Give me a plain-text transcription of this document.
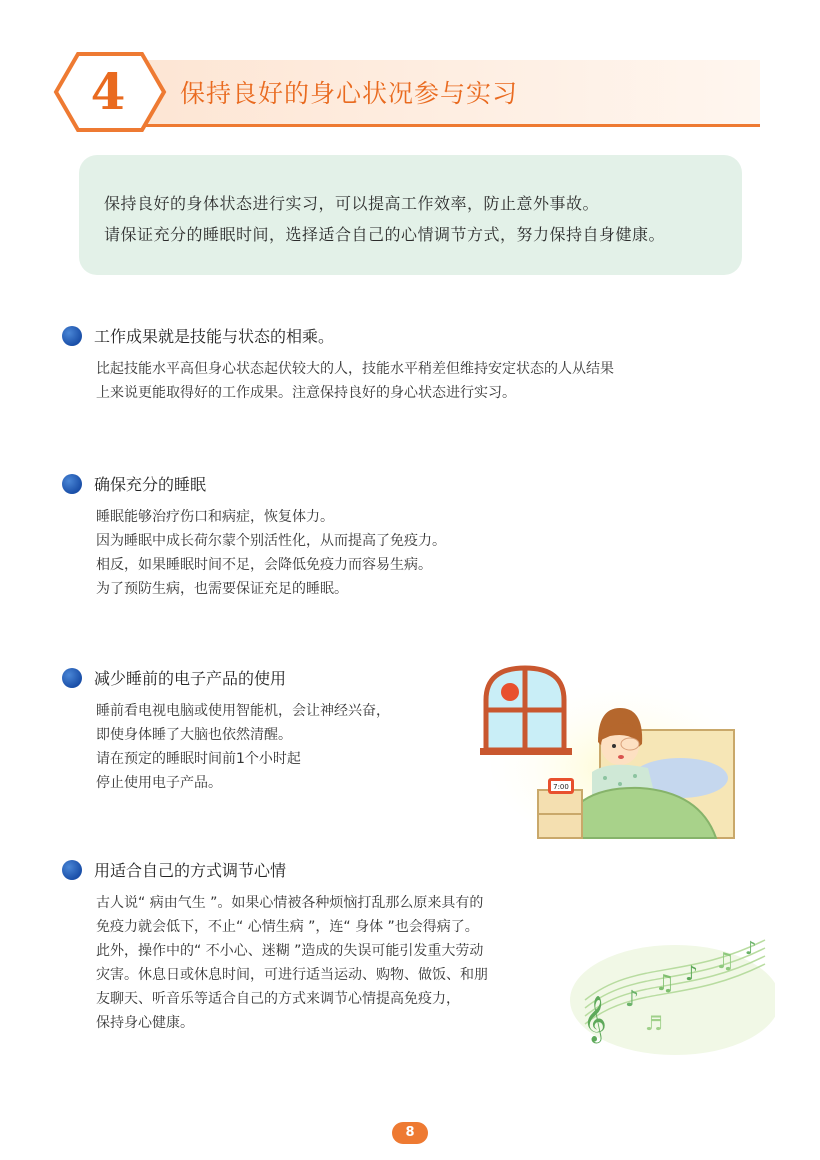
4	保持良好的身心状况参与实习
保持良好的身体状态进行实习，可以提高工作效率，防止意外事故。
请保证充分的睡眠时间，选择适合自己的心情调节方式，努力保持自身健康。
工作成果就是技能与状态的相乘。
比起技能水平高但身心状态起伏较大的人，技能水平稍差但维持安定状态的人从结果
上来说更能取得好的工作成果。注意保持良好的身心状态进行实习。
确保充分的睡眠
睡眠能够治疗伤口和病症，恢复体力。
因为睡眠中成长荷尔蒙个别活性化，从而提高了免疫力。
相反，如果睡眠时间不足，会降低免疫力而容易生病。
为了预防生病，也需要保证充足的睡眠。
减少睡前的电子产品的使用
睡前看电视电脑或使用智能机，会让神经兴奋，
即使身体睡了大脑也依然清醒。
请在预定的睡眠时间前1个小时起
停止使用电子产品。	7:00
用适合自己的方式调节心情
古人说“ 病由气生 ”。如果心情被各种烦恼打乱那么原来具有的
免疫力就会低下，不止“ 心情生病 ”，连“ 身体 ”也会得病了。
此外，操作中的“ 不小心、迷糊 ”造成的失误可能引发重大劳动
灾害。休息日或休息时间，可进行适当运动、购物、做饭、和朋
友聊天、听音乐等适合自己的方式来调节心情提高免疫力，
保持身心健康。	𝄞 ♪
♫ ♪ ♫
♪
♬
8
